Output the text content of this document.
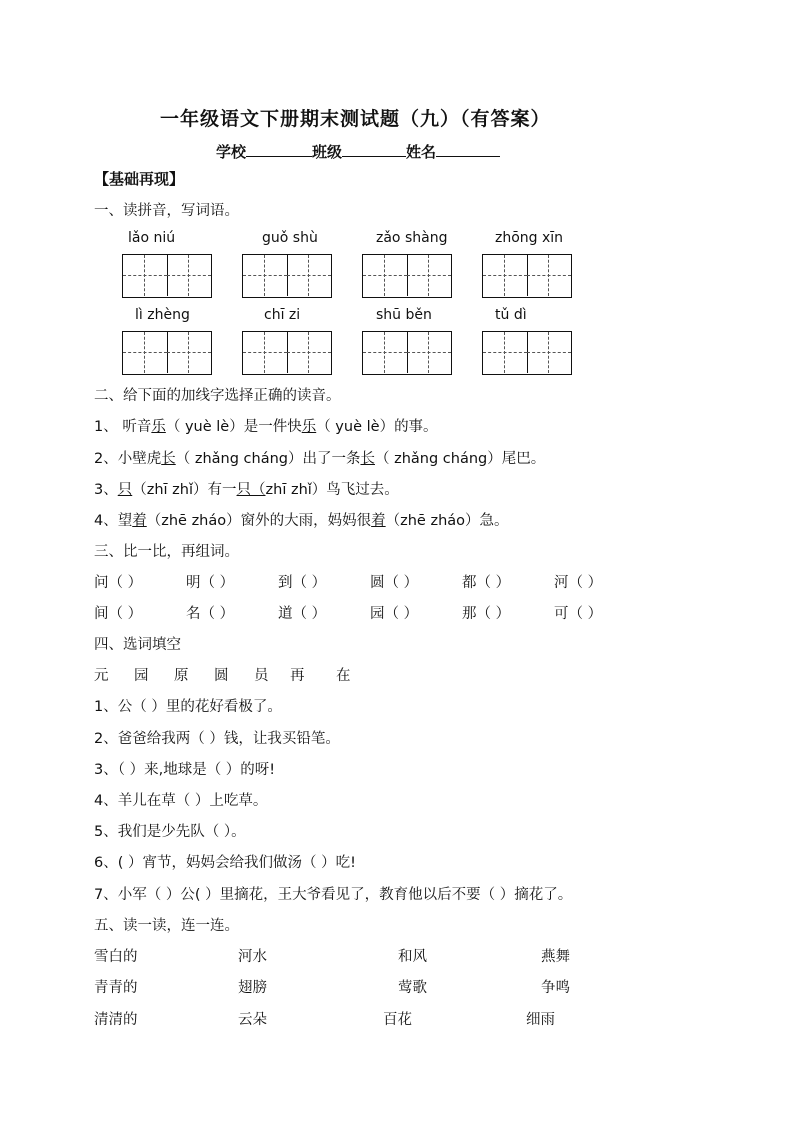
一年级语文下册期末测试题（九）（有答案）
学校	班级	姓名
【基础再现】
一、读拼音，写词语。
lǎo niú	guǒ shù	zǎo shàng	zhōng xīn
lì zhèng	chī zi	shū běn	tǔ dì
二、给下面的加线字选择正确的读音。
1、 听音乐（ yuè lè）是一件快乐（ yuè lè）的事。
2、小壁虎长（ zhǎng cháng）出了一条长（ zhǎng cháng）尾巴。
3、只（zhī zhǐ）有一只（zhī zhǐ）鸟飞过去。
4、望着（zhē zháo）窗外的大雨，妈妈很着（zhē zháo）急。
三、比一比，再组词。
问（ ）	明（ ）	到（ ）	圆（ ）	都（ ）	河（ ）
间（ ）	名（ ）	道（ ）	园（ ）	那（ ）	可（ ）
四、选词填空
元 园 原 圆 员 再 在
1、公（ ）里的花好看极了。
2、爸爸给我两（ ）钱，让我买铅笔。
3、（ ）来,地球是（ ）的呀!
4、羊儿在草（ ）上吃草。
5、我们是少先队（ ）。
6、( ）宵节，妈妈会给我们做汤（ ）吃!
7、小军（ ）公( ）里摘花，王大爷看见了，教育他以后不要（ ）摘花了。
五、读一读，连一连。
雪白的	河水	和风	燕舞
青青的	翅膀	莺歌	争鸣
清清的	云朵	百花	细雨
